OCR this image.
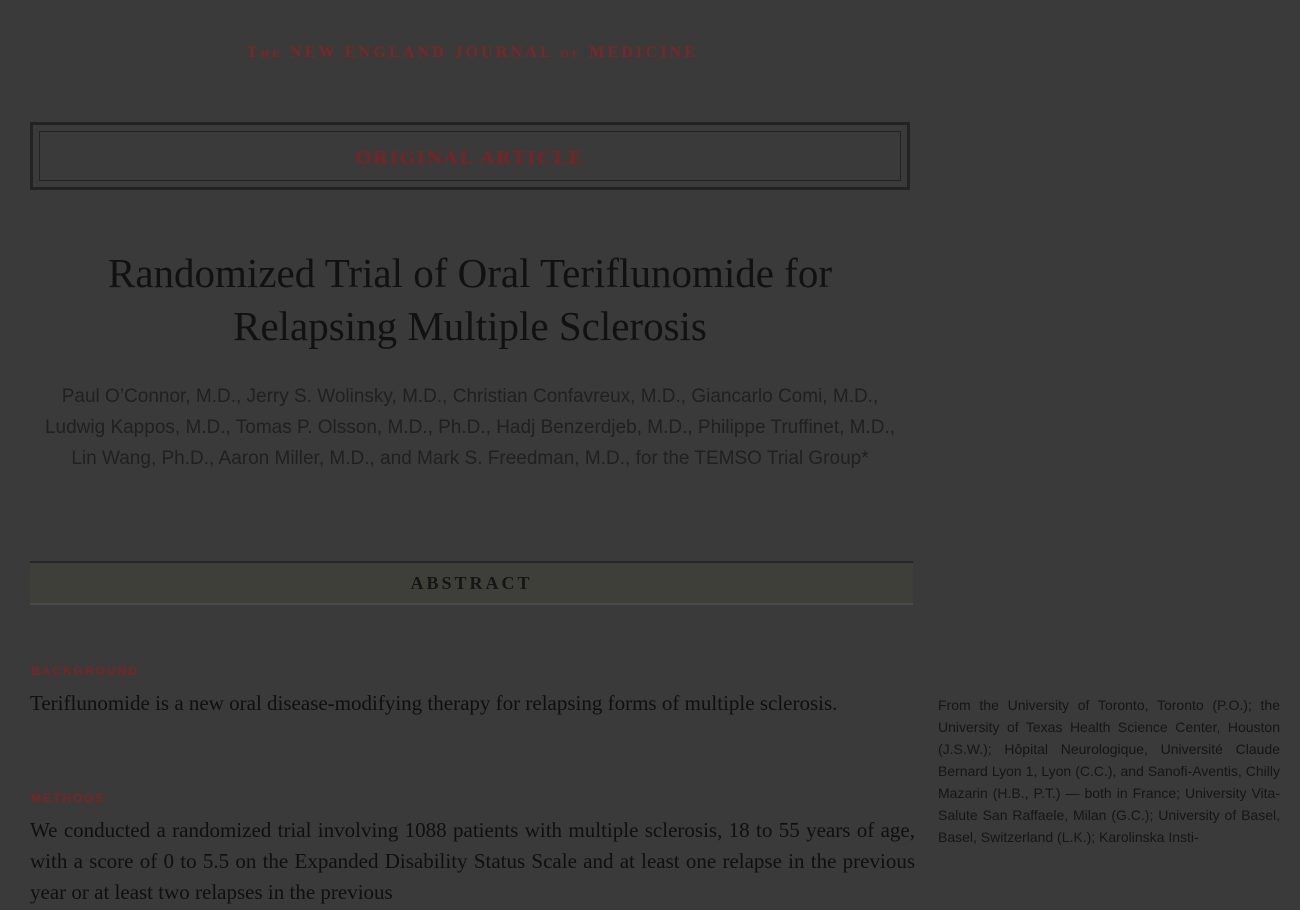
The NEW ENGLAND JOURNAL of MEDICINE
ORIGINAL ARTICLE
Randomized Trial of Oral Teriflunomide for Relapsing Multiple Sclerosis
Paul O’Connor, M.D., Jerry S. Wolinsky, M.D., Christian Confavreux, M.D., Giancarlo Comi, M.D., Ludwig Kappos, M.D., Tomas P. Olsson, M.D., Ph.D., Hadj Benzerdjeb, M.D., Philippe Truffinet, M.D., Lin Wang, Ph.D., Aaron Miller, M.D., and Mark S. Freedman, M.D., for the TEMSO Trial Group*
ABSTRACT
BACKGROUND
Teriflunomide is a new oral disease-modifying therapy for relapsing forms of multiple sclerosis.
METHODS
We conducted a randomized trial involving 1088 patients with multiple sclerosis, 18 to 55 years of age, with a score of 0 to 5.5 on the Expanded Disability Status Scale and at least one relapse in the previous year or at least two relapses in the previous
From the University of Toronto, Toronto (P.O.); the University of Texas Health Science Center, Houston (J.S.W.); Hôpital Neurologique, Université Claude Bernard Lyon 1, Lyon (C.C.), and Sanofi-Aventis, Chilly Mazarin (H.B., P.T.) — both in France; University Vita-Salute San Raffaele, Milan (G.C.); University of Basel, Basel, Switzerland (L.K.); Karolinska Insti-
